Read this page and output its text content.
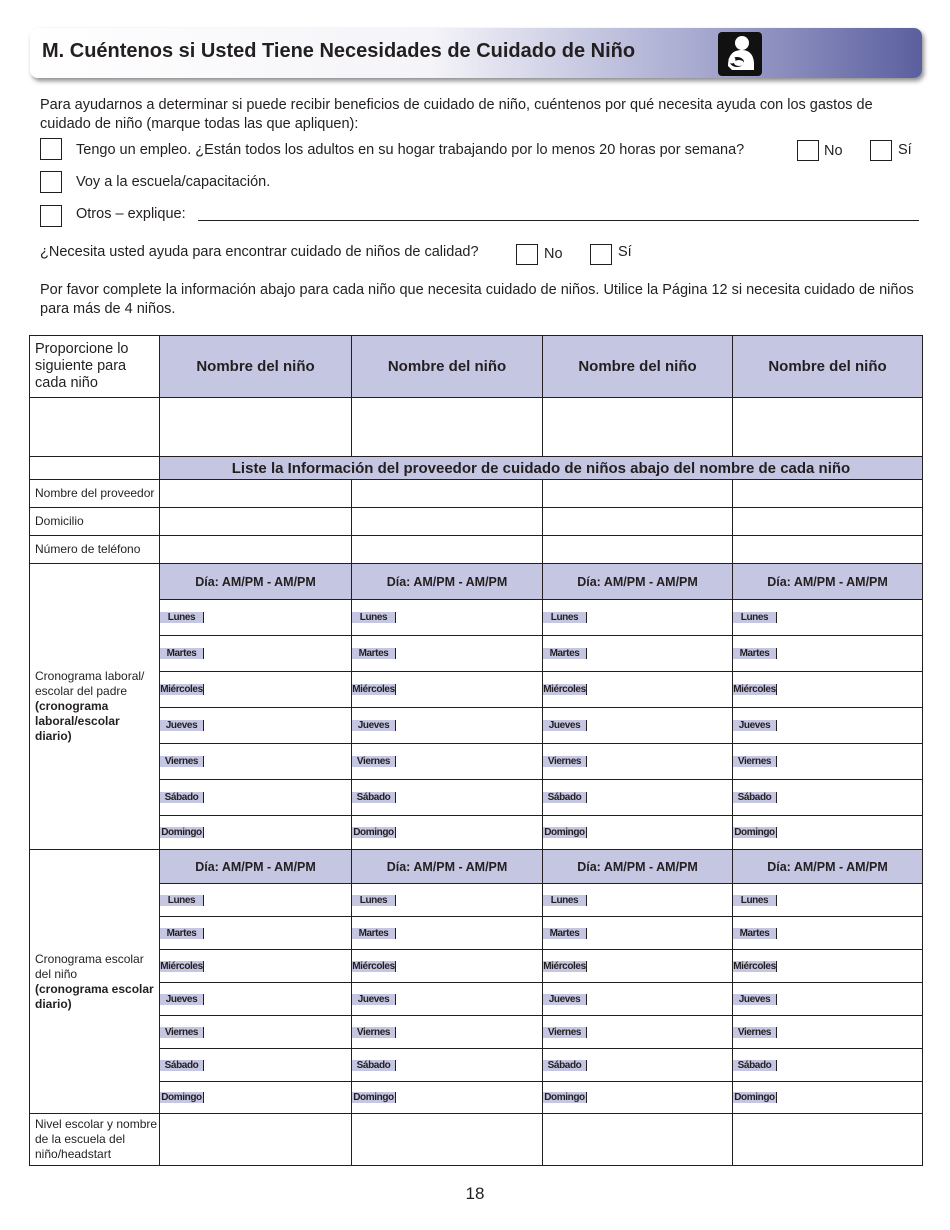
M. Cuéntenos si Usted Tiene Necesidades de Cuidado de Niño
Para ayudarnos a determinar si puede recibir beneficios de cuidado de niño, cuéntenos por qué necesita ayuda con los gastos de cuidado de niño (marque todas las que apliquen):
Tengo un empleo. ¿Están todos los adultos en su hogar trabajando por lo menos 20 horas por semana?	No	Sí
Voy a la escuela/capacitación.
Otros – explique:
¿Necesita usted ayuda para encontrar cuidado de niños de calidad?	No	Sí
Por favor complete la información abajo para cada niño que necesita cuidado de niños. Utilice la Página 12 si necesita cuidado de niños para más de 4 niños.
Proporcione lo siguiente para cada niño	Nombre del niño	Nombre del niño	Nombre del niño	Nombre del niño

	Liste la Información del proveedor de cuidado de niños abajo del nombre de cada niño			
Nombre del proveedor				
Domicilio				
Número de teléfono				
Cronograma laboral/ escolar del padre
(cronograma laboral/escolar diario)	Día: AM/PM - AM/PM	Día: AM/PM - AM/PM	Día: AM/PM - AM/PM	Día: AM/PM - AM/PM

Lunes	Lunes	Lunes	Lunes

Martes	Martes	Martes	Martes

Miércoles	Miércoles	Miércoles	Miércoles

Jueves	Jueves	Jueves	Jueves

Viernes	Viernes	Viernes	Viernes

Sábado	Sábado	Sábado	Sábado

Domingo	Domingo	Domingo	Domingo

Cronograma escolar del niño
(cronograma escolar diario)	Día: AM/PM - AM/PM	Día: AM/PM - AM/PM	Día: AM/PM - AM/PM	Día: AM/PM - AM/PM

Lunes	Lunes	Lunes	Lunes

Martes	Martes	Martes	Martes

Miércoles	Miércoles	Miércoles	Miércoles

Jueves	Jueves	Jueves	Jueves

Viernes	Viernes	Viernes	Viernes

Sábado	Sábado	Sábado	Sábado

Domingo	Domingo	Domingo	Domingo

Nivel escolar y nombre de la escuela del niño/headstart				
18
